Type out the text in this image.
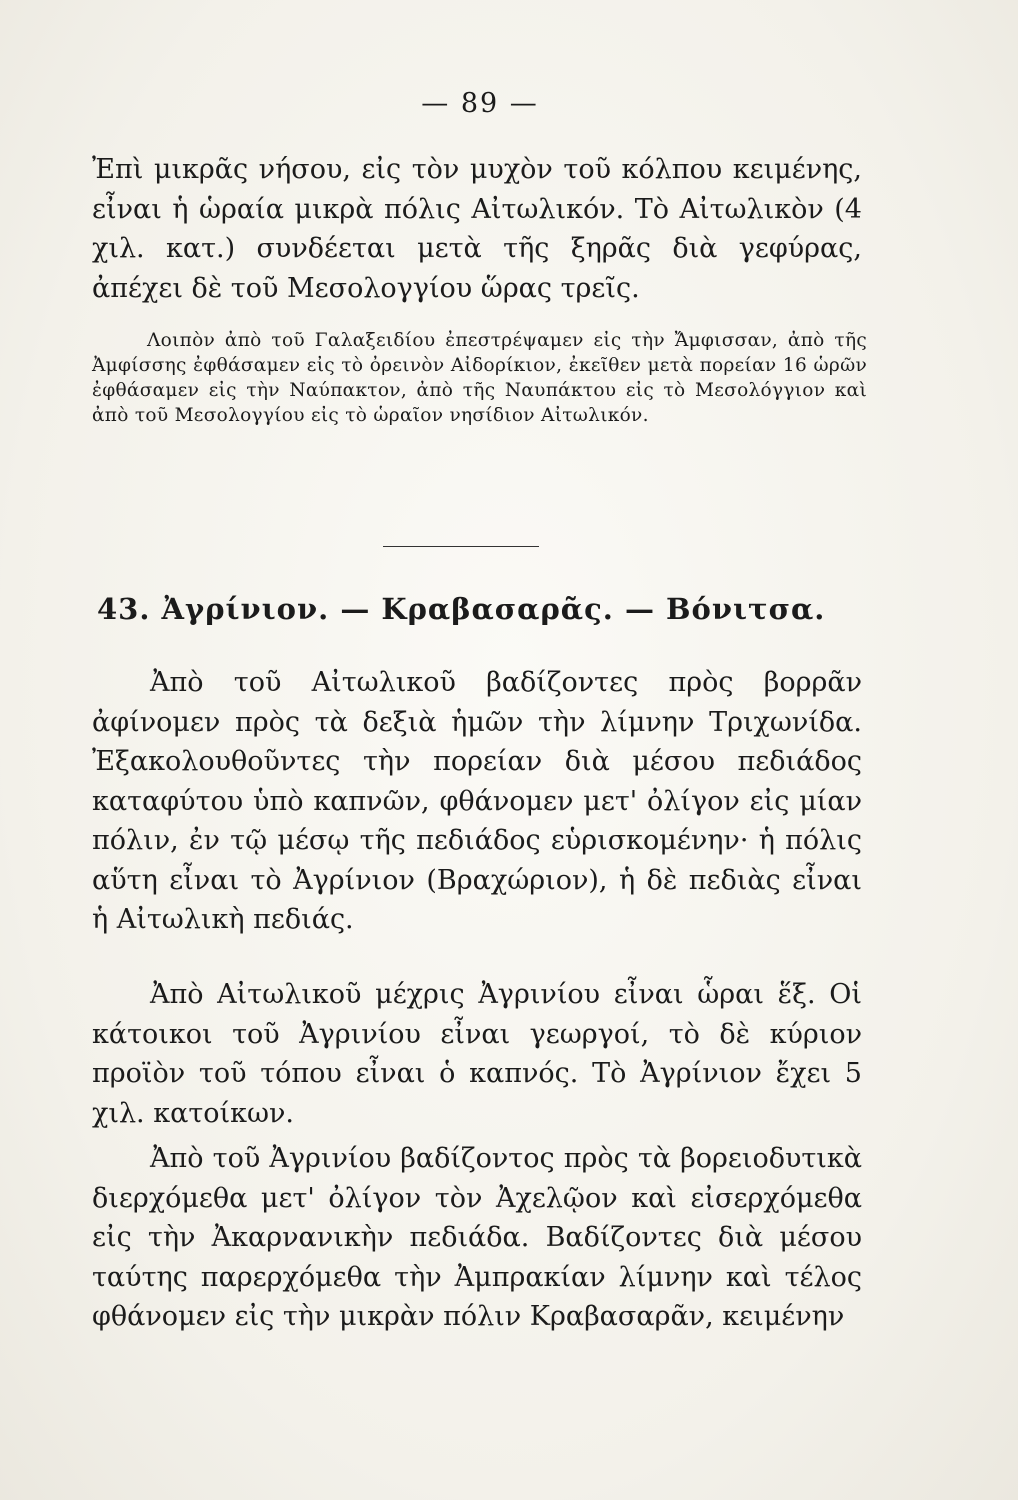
— 89 —

Ἐπὶ μικρᾶς νήσου, εἰς τὸν μυχὸν τοῦ κόλπου κειμένης, εἶναι ἡ ὡραία μικρὰ πόλις Αἰτωλικόν. Τὸ Αἰτωλικὸν (4 χιλ. κατ.) συνδέεται μετὰ τῆς ξηρᾶς διὰ γεφύρας, ἀπέχει δὲ τοῦ Μεσολογγίου ὥρας τρεῖς.

Λοιπὸν ἀπὸ τοῦ Γαλαξειδίου ἐπεστρέψαμεν εἰς τὴν Ἄμφισσαν, ἀπὸ τῆς Ἀμφίσσης ἐφθάσαμεν εἰς τὸ ὀρεινὸν Αἰδορίκιον, ἐκεῖθεν μετὰ πορείαν 16 ὡρῶν ἐφθάσαμεν εἰς τὴν Ναύπακτον, ἀπὸ τῆς Ναυπάκτου εἰς τὸ Μεσολόγγιον καὶ ἀπὸ τοῦ Μεσολογγίου εἰς τὸ ὡραῖον νησίδιον Αἰτωλικόν.

43. Ἀγρίνιον. — Κραβασαρᾶς. — Βόνιτσα.

Ἀπὸ τοῦ Αἰτωλικοῦ βαδίζοντες πρὸς βορρᾶν ἀφίνομεν πρὸς τὰ δεξιὰ ἡμῶν τὴν λίμνην Τριχωνίδα. Ἐξακολουθοῦντες τὴν πορείαν διὰ μέσου πεδιάδος καταφύτου ὑπὸ καπνῶν, φθάνομεν μετ' ὀλίγον εἰς μίαν πόλιν, ἐν τῷ μέσῳ τῆς πεδιάδος εὑρισκομένην· ἡ πόλις αὕτη εἶναι τὸ Ἀγρίνιον (Βραχώριον), ἡ δὲ πεδιὰς εἶναι ἡ Αἰτωλικὴ πεδιάς.

Ἀπὸ Αἰτωλικοῦ μέχρις Ἀγρινίου εἶναι ὧραι ἕξ. Οἱ κάτοικοι τοῦ Ἀγρινίου εἶναι γεωργοί, τὸ δὲ κύριον προϊὸν τοῦ τόπου εἶναι ὁ καπνός. Τὸ Ἀγρίνιον ἔχει 5 χιλ. κατοίκων.

Ἀπὸ τοῦ Ἀγρινίου βαδίζοντος πρὸς τὰ βορειοδυτικὰ διερχόμεθα μετ' ὀλίγον τὸν Ἀχελῷον καὶ εἰσερχόμεθα εἰς τὴν Ἀκαρνανικὴν πεδιάδα. Βαδίζοντες διὰ μέσου ταύτης παρερχόμεθα τὴν Ἀμπρακίαν λίμνην καὶ τέλος φθάνομεν εἰς τὴν μικρὰν πόλιν Κραβασαρᾶν, κειμένην
